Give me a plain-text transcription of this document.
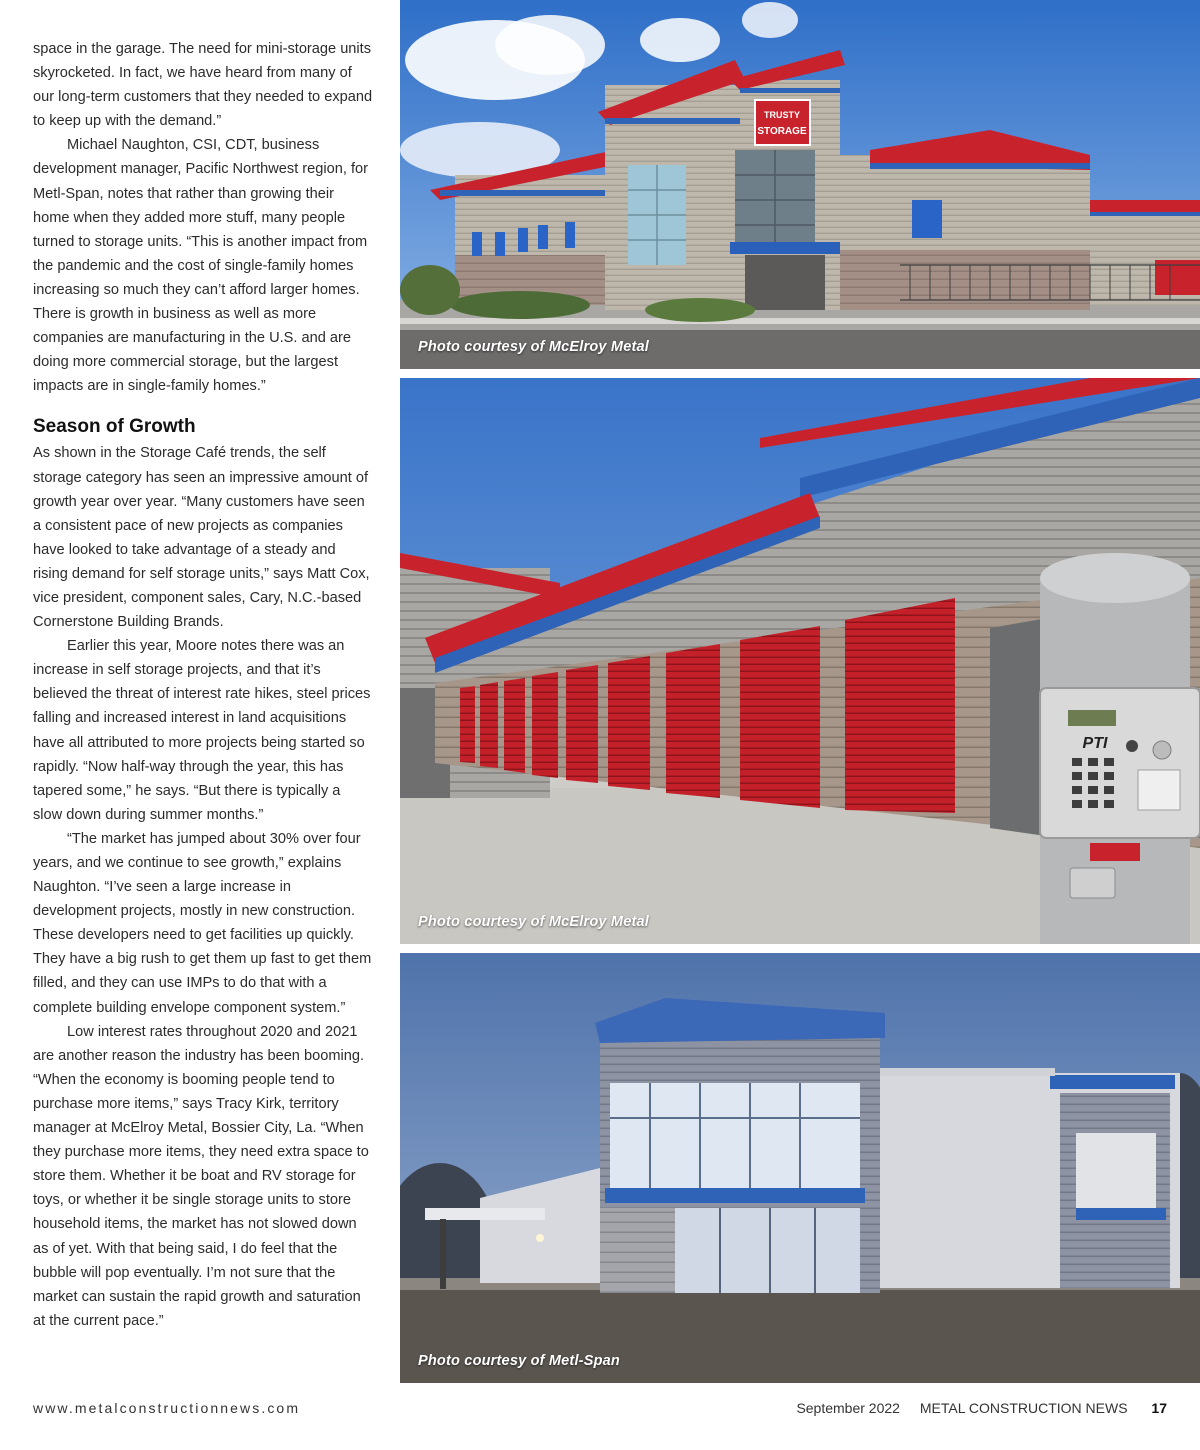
space in the garage. The need for mini-storage units skyrocketed. In fact, we have heard from many of our long-term customers that they needed to expand to keep up with the demand.”

Michael Naughton, CSI, CDT, business development manager, Pacific Northwest region, for Metl-Span, notes that rather than growing their home when they added more stuff, many people turned to storage units. “This is another impact from the pandemic and the cost of single-family homes increasing so much they can’t afford larger homes. There is growth in business as well as more companies are manufacturing in the U.S. and are doing more commercial storage, but the largest impacts are in single-family homes.”

Season of Growth

As shown in the Storage Café trends, the self storage category has seen an impressive amount of growth year over year. “Many customers have seen a consistent pace of new projects as companies have looked to take advantage of a steady and rising demand for self storage units,” says Matt Cox, vice president, component sales, Cary, N.C.-based Cornerstone Building Brands.

Earlier this year, Moore notes there was an increase in self storage projects, and that it’s believed the threat of interest rate hikes, steel prices falling and increased interest in land acquisitions have all attributed to more projects being started so rapidly. “Now half-way through the year, this has tapered some,” he says. “But there is typically a slow down during summer months.”

“The market has jumped about 30% over four years, and we continue to see growth,” explains Naughton. “I’ve seen a large increase in development projects, mostly in new construction. These developers need to get facilities up quickly. They have a big rush to get them up fast to get them filled, and they can use IMPs to do that with a complete building envelope component system.”

Low interest rates throughout 2020 and 2021 are another reason the industry has been booming. “When the economy is booming people tend to purchase more items,” says Tracy Kirk, territory manager at McElroy Metal, Bossier City, La. “When they purchase more items, they need extra space to store them. Whether it be boat and RV storage for toys, or whether it be single storage units to store household items, the market has not slowed down as of yet. With that being said, I do feel that the bubble will pop eventually. I’m not sure that the market can sustain the rapid growth and saturation at the current pace.”

TRUSTY
STORAGE
Photo courtesy of McElroy Metal
PTI
Photo courtesy of McElroy Metal
Photo courtesy of Metl-Span
www.metalconstructionnews.com	September 2022 METAL CONSTRUCTION NEWS 17
